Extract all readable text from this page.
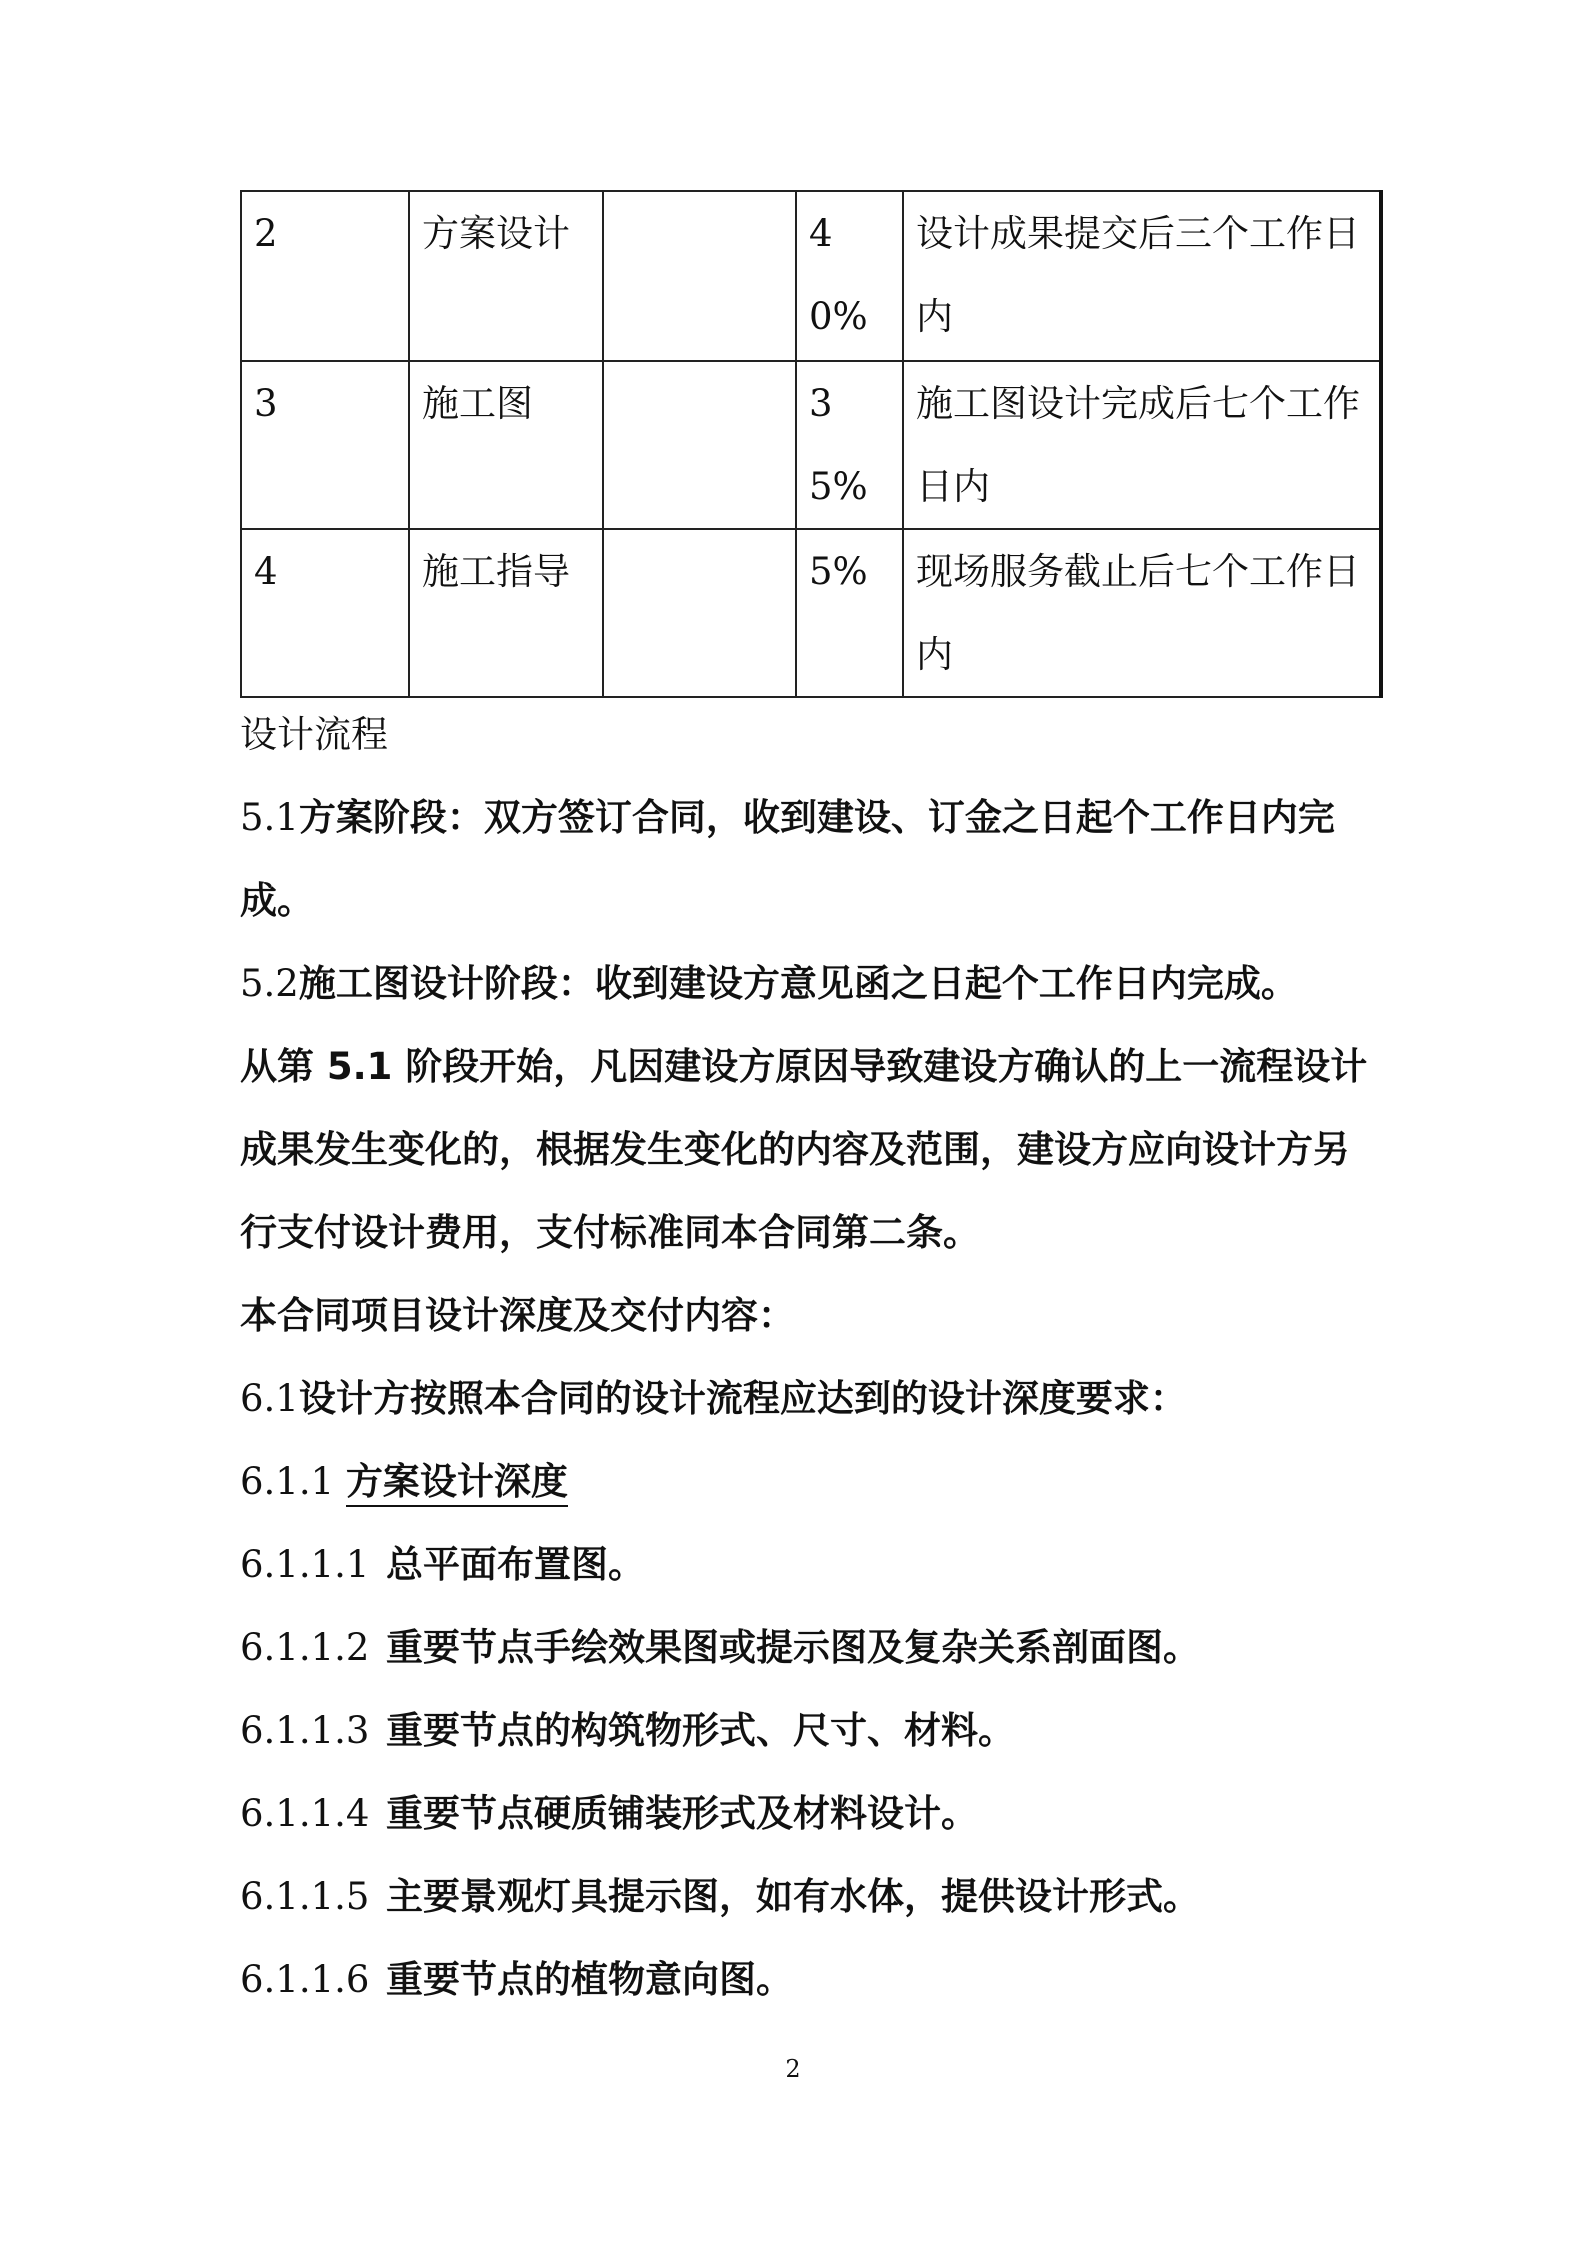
2	方案设计		40%	设计成果提交后三个工作日内
3	施工图		35%	施工图设计完成后七个工作日内
4	施工指导		5%	现场服务截止后七个工作日内

设计流程

5.1方案阶段：双方签订合同，收到建设、订金之日起个工作日内完

成。

5.2施工图设计阶段：收到建设方意见函之日起个工作日内完成。

从第 5.1 阶段开始，凡因建设方原因导致建设方确认的上一流程设计

成果发生变化的，根据发生变化的内容及范围，建设方应向设计方另

行支付设计费用，支付标准同本合同第二条。

本合同项目设计深度及交付内容：

6.1设计方按照本合同的设计流程应达到的设计深度要求：

6.1.1 方案设计深度

6.1.1.1 总平面布置图。

6.1.1.2 重要节点手绘效果图或提示图及复杂关系剖面图。

6.1.1.3 重要节点的构筑物形式、尺寸、材料。

6.1.1.4 重要节点硬质铺装形式及材料设计。

6.1.1.5 主要景观灯具提示图，如有水体，提供设计形式。

6.1.1.6 重要节点的植物意向图。

2
